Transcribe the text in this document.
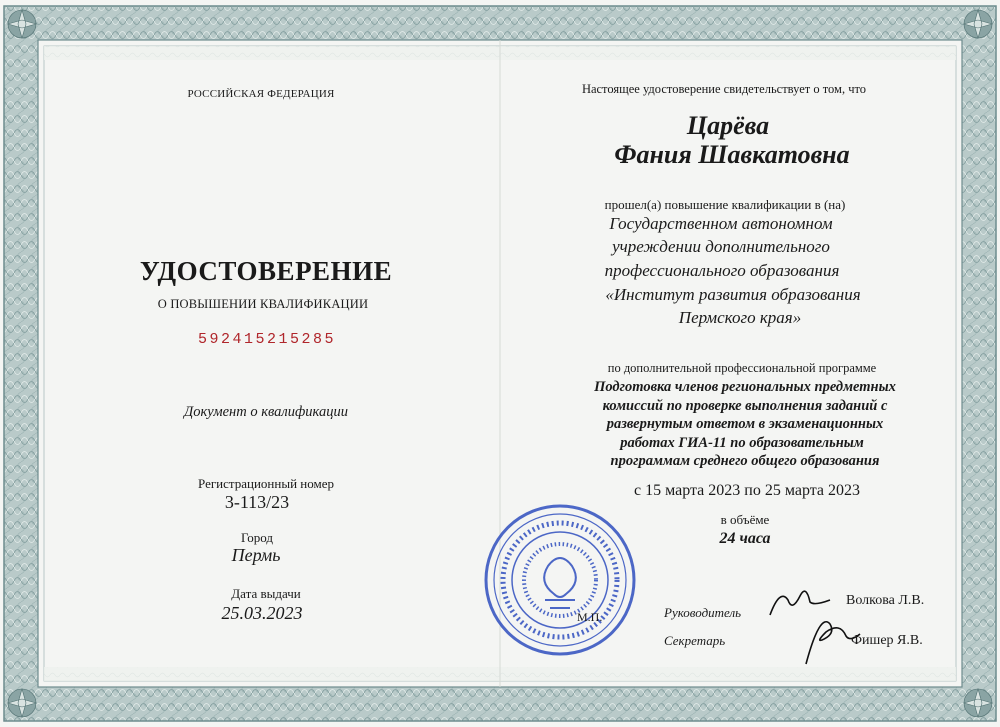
РОССИЙСКАЯ ФЕДЕРАЦИЯ
УДОСТОВЕРЕНИЕ
О ПОВЫШЕНИИ КВАЛИФИКАЦИИ
592415215285
Документ о квалификации
Регистрационный номер
3-113/23
Город
Пермь
Дата выдачи
25.03.2023
Настоящее удостоверение свидетельствует о том, что
Царёва
Фания Шавкатовна
прошел(а) повышение квалификации в (на)
Государственном автономном
учреждении дополнительного
профессионального образования
«Институт развития образования
Пермского края»
по дополнительной профессиональной программе
Подготовка членов региональных предметных
комиссий по проверке выполнения заданий с
развернутым ответом в экзаменационных
работах ГИА-11 по образовательным
программам среднего общего образования
с 15 марта 2023 по 25 марта 2023
в объёме
24 часа
М.П.	Руководитель
Волкова Л.В.
Секретарь	Фишер Я.В.
